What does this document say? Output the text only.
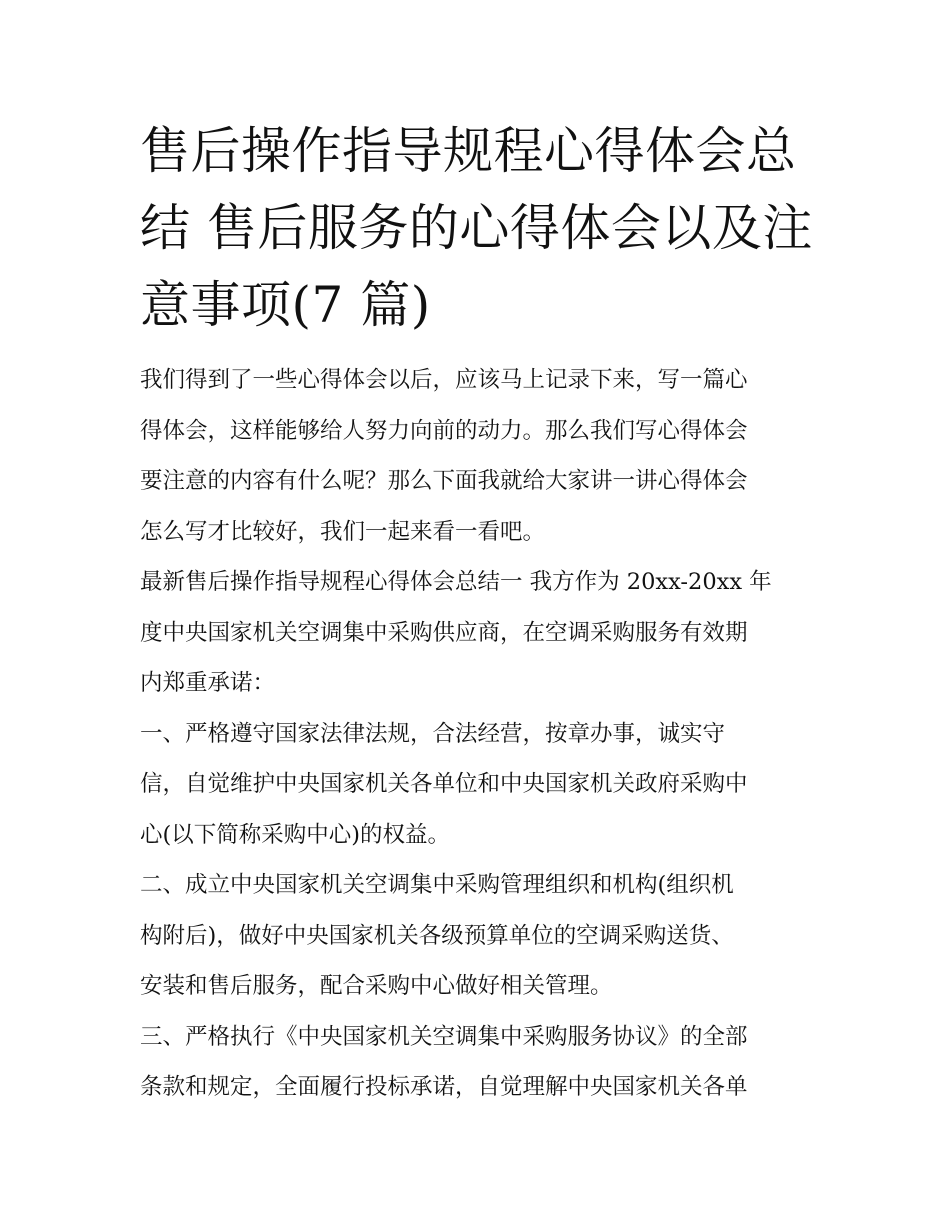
售后操作指导规程心得体会总
结 售后服务的心得体会以及注
意事项(7 篇)
我们得到了一些心得体会以后，应该马上记录下来，写一篇心
得体会，这样能够给人努力向前的动力。那么我们写心得体会
要注意的内容有什么呢？那么下面我就给大家讲一讲心得体会
怎么写才比较好，我们一起来看一看吧。
最新售后操作指导规程心得体会总结一 我方作为 20xx-20xx 年
度中央国家机关空调集中采购供应商，在空调采购服务有效期
内郑重承诺：
一、严格遵守国家法律法规，合法经营，按章办事，诚实守
信，自觉维护中央国家机关各单位和中央国家机关政府采购中
心(以下简称采购中心)的权益。
二、成立中央国家机关空调集中采购管理组织和机构(组织机
构附后)，做好中央国家机关各级预算单位的空调采购送货、
安装和售后服务，配合采购中心做好相关管理。
三、严格执行《中央国家机关空调集中采购服务协议》的全部
条款和规定，全面履行投标承诺，自觉理解中央国家机关各单
